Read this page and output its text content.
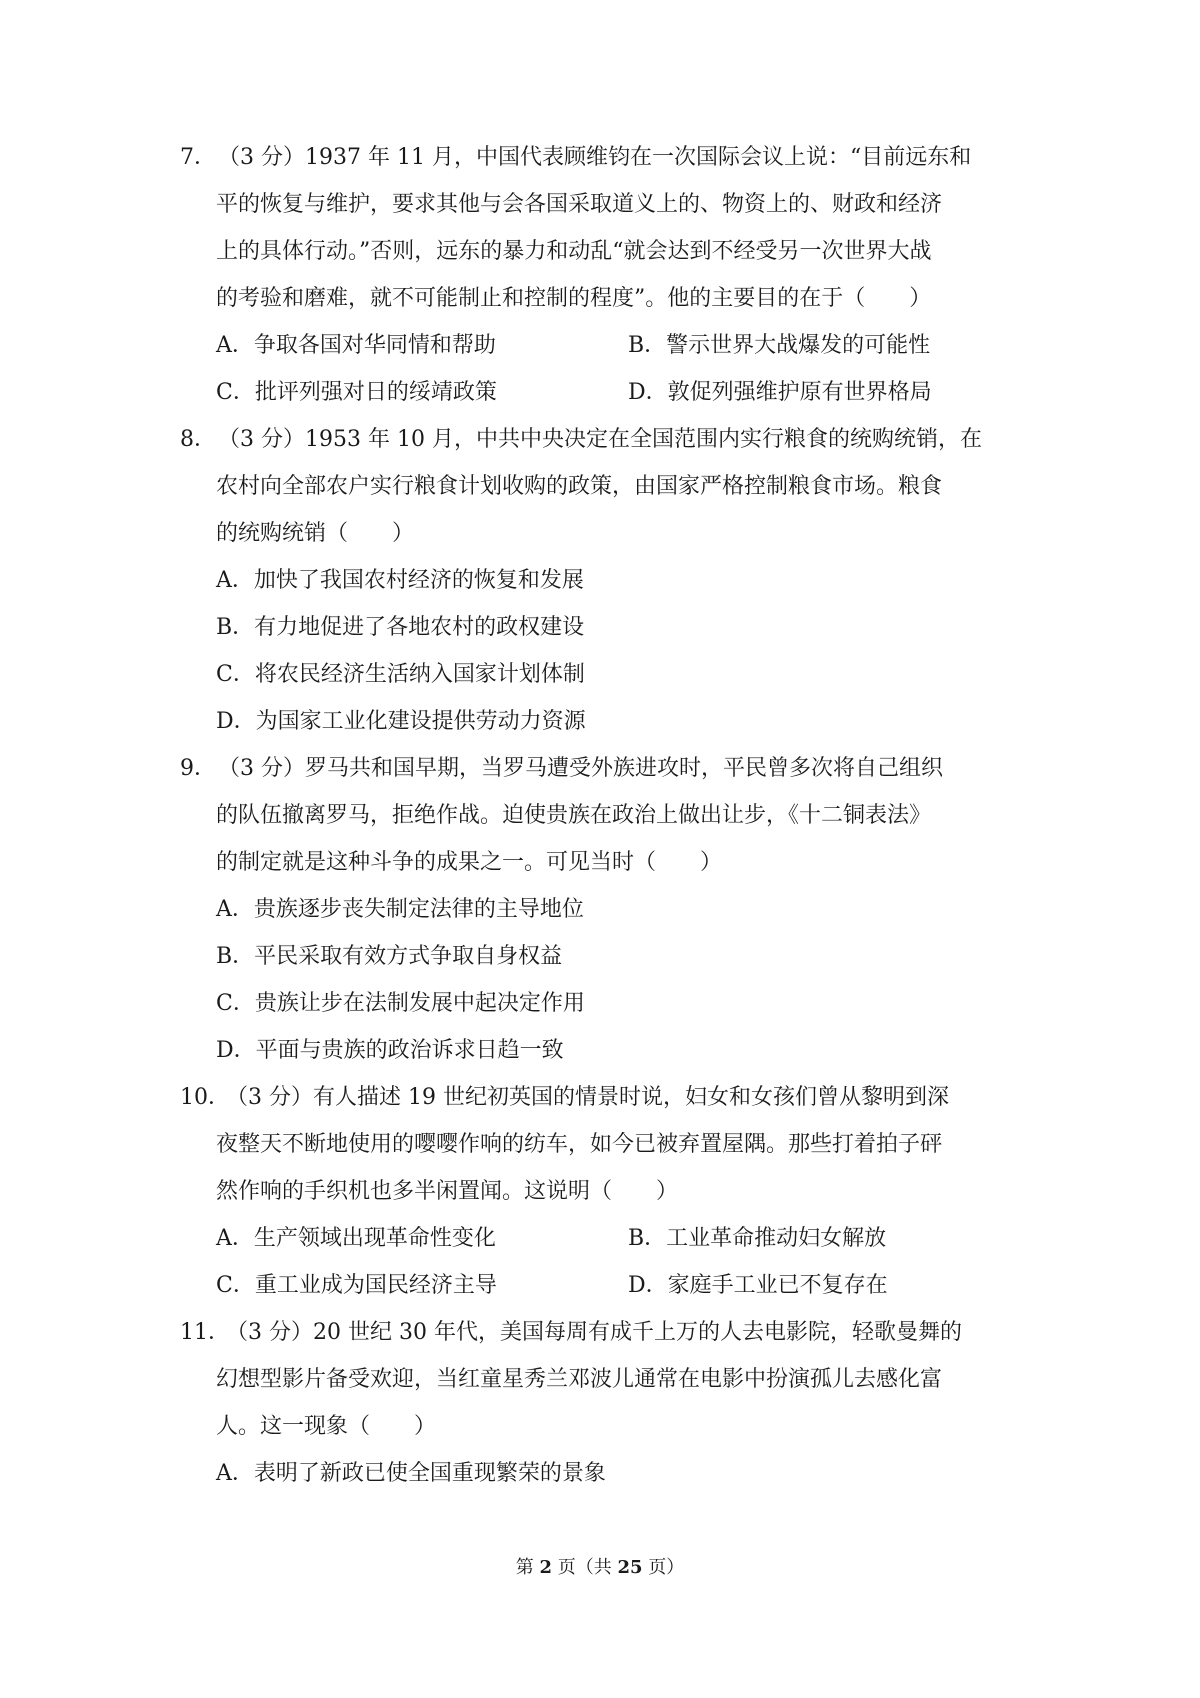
7．（3 分）1937 年 11 月，中国代表顾维钧在一次国际会议上说：“目前远东和
平的恢复与维护，要求其他与会各国采取道义上的、物资上的、财政和经济
上的具体行动。”否则，远东的暴力和动乱“就会达到不经受另一次世界大战
的考验和磨难，就不可能制止和控制的程度”。他的主要目的在于（　　）
A．争取各国对华同情和帮助	B．警示世界大战爆发的可能性
C．批评列强对日的绥靖政策	D．敦促列强维护原有世界格局
8．（3 分）1953 年 10 月，中共中央决定在全国范围内实行粮食的统购统销，在
农村向全部农户实行粮食计划收购的政策，由国家严格控制粮食市场。粮食
的统购统销（　　）
A．加快了我国农村经济的恢复和发展
B．有力地促进了各地农村的政权建设
C．将农民经济生活纳入国家计划体制
D．为国家工业化建设提供劳动力资源
9．（3 分）罗马共和国早期，当罗马遭受外族进攻时，平民曾多次将自己组织
的队伍撤离罗马，拒绝作战。迫使贵族在政治上做出让步，《十二铜表法》
的制定就是这种斗争的成果之一。可见当时（　　）
A．贵族逐步丧失制定法律的主导地位
B．平民采取有效方式争取自身权益
C．贵族让步在法制发展中起决定作用
D．平面与贵族的政治诉求日趋一致
10．（3 分）有人描述 19 世纪初英国的情景时说，妇女和女孩们曾从黎明到深
夜整天不断地使用的嘤嘤作响的纺车，如今已被弃置屋隅。那些打着拍子砰
然作响的手织机也多半闲置闻。这说明（　　）
A．生产领域出现革命性变化	B．工业革命推动妇女解放
C．重工业成为国民经济主导	D．家庭手工业已不复存在
11．（3 分）20 世纪 30 年代，美国每周有成千上万的人去电影院，轻歌曼舞的
幻想型影片备受欢迎，当红童星秀兰邓波儿通常在电影中扮演孤儿去感化富
人。这一现象（　　）
A．表明了新政已使全国重现繁荣的景象
第 2 页（共 25 页）
